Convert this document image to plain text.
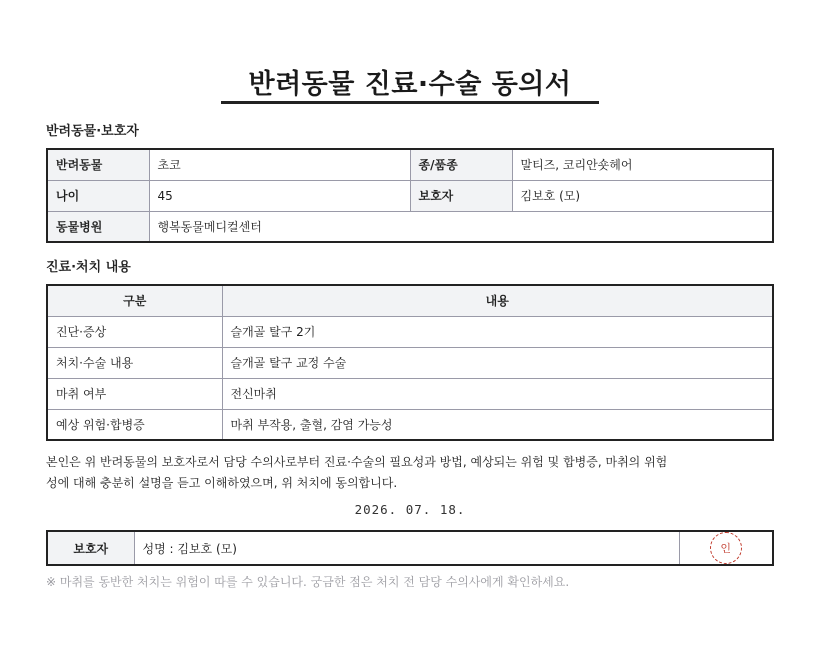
반려동물 진료·수술 동의서
반려동물·보호자
반려동물	초코	종/품종	말티즈, 코리안숏헤어
나이	45	보호자	김보호 (모)
동물병원	행복동물메디컬센터		
진료·처치 내용
구분	내용
진단·증상	슬개골 탈구 2기
처치·수술 내용	슬개골 탈구 교정 수술
마취 여부	전신마취
예상 위험·합병증	마취 부작용, 출혈, 감염 가능성
본인은 위 반려동물의 보호자로서 담당 수의사로부터 진료·수술의 필요성과 방법, 예상되는 위험 및 합병증, 마취의 위험
성에 대해 충분히 설명을 듣고 이해하였으며, 위 처치에 동의합니다.
2026. 07. 18.
보호자	성명 : 김보호 (모)	인
※ 마취를 동반한 처치는 위험이 따를 수 있습니다. 궁금한 점은 처치 전 담당 수의사에게 확인하세요.
